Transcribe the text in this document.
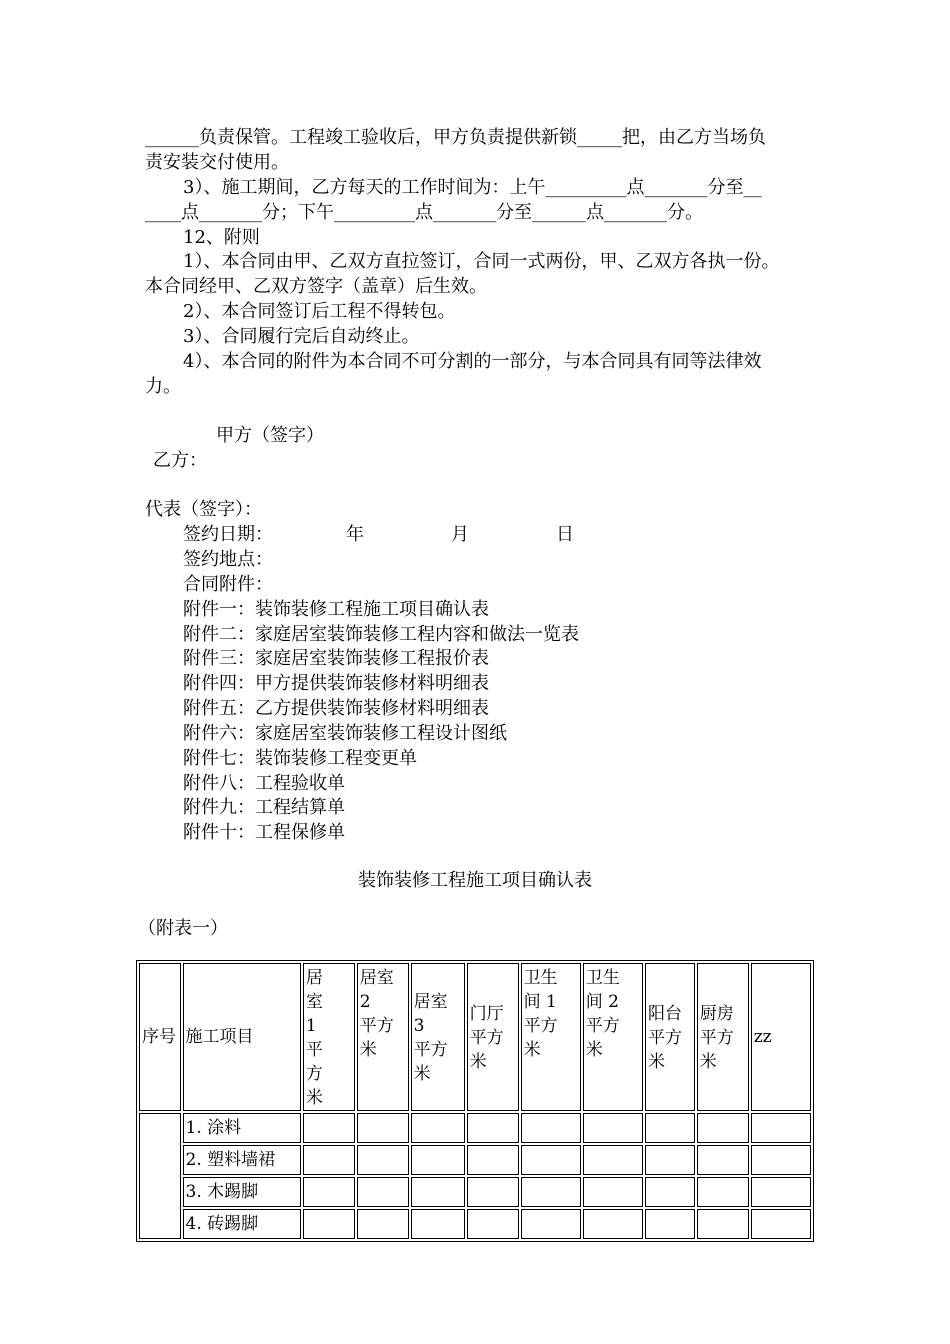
______负责保管。工程竣工验收后，甲方负责提供新锁_____把，由乙方当场负
责安装交付使用。
3）、施工期间，乙方每天的工作时间为：上午_________点_______分至__
____点_______分；下午_________点_______分至______点_______分。
12、附则
1）、本合同由甲、乙双方直拉签订，合同一式两份，甲、乙双方各执一份。
本合同经甲、乙双方签字（盖章）后生效。
2）、本合同签订后工程不得转包。
3）、合同履行完后自动终止。
4）、本合同的附件为本合同不可分割的一部分，与本合同具有同等法律效
力。
甲方（签字）
乙方：
代表（签字）：
签约日期：	年	月	日
签约地点：
合同附件：
附件一：装饰装修工程施工项目确认表
附件二：家庭居室装饰装修工程内容和做法一览表
附件三：家庭居室装饰装修工程报价表
附件四：甲方提供装饰装修材料明细表
附件五：乙方提供装饰装修材料明细表
附件六：家庭居室装饰装修工程设计图纸
附件七：装饰装修工程变更单
附件八：工程验收单
附件九：工程结算单
附件十：工程保修单
装饰装修工程施工项目确认表
（附表一）
序号	施工项目	居　室
1
平　方
米	居室
2
平方
米	居室 3
平方
米	门厅
平方
米	卫生
间 1
平方
米	卫生
间 2
平方
米	阳台
平方
米	厨房
平方
米	zz
	1. 涂料									
	2. 塑料墙裙									
	3. 木踢脚									
	4. 砖踢脚									
